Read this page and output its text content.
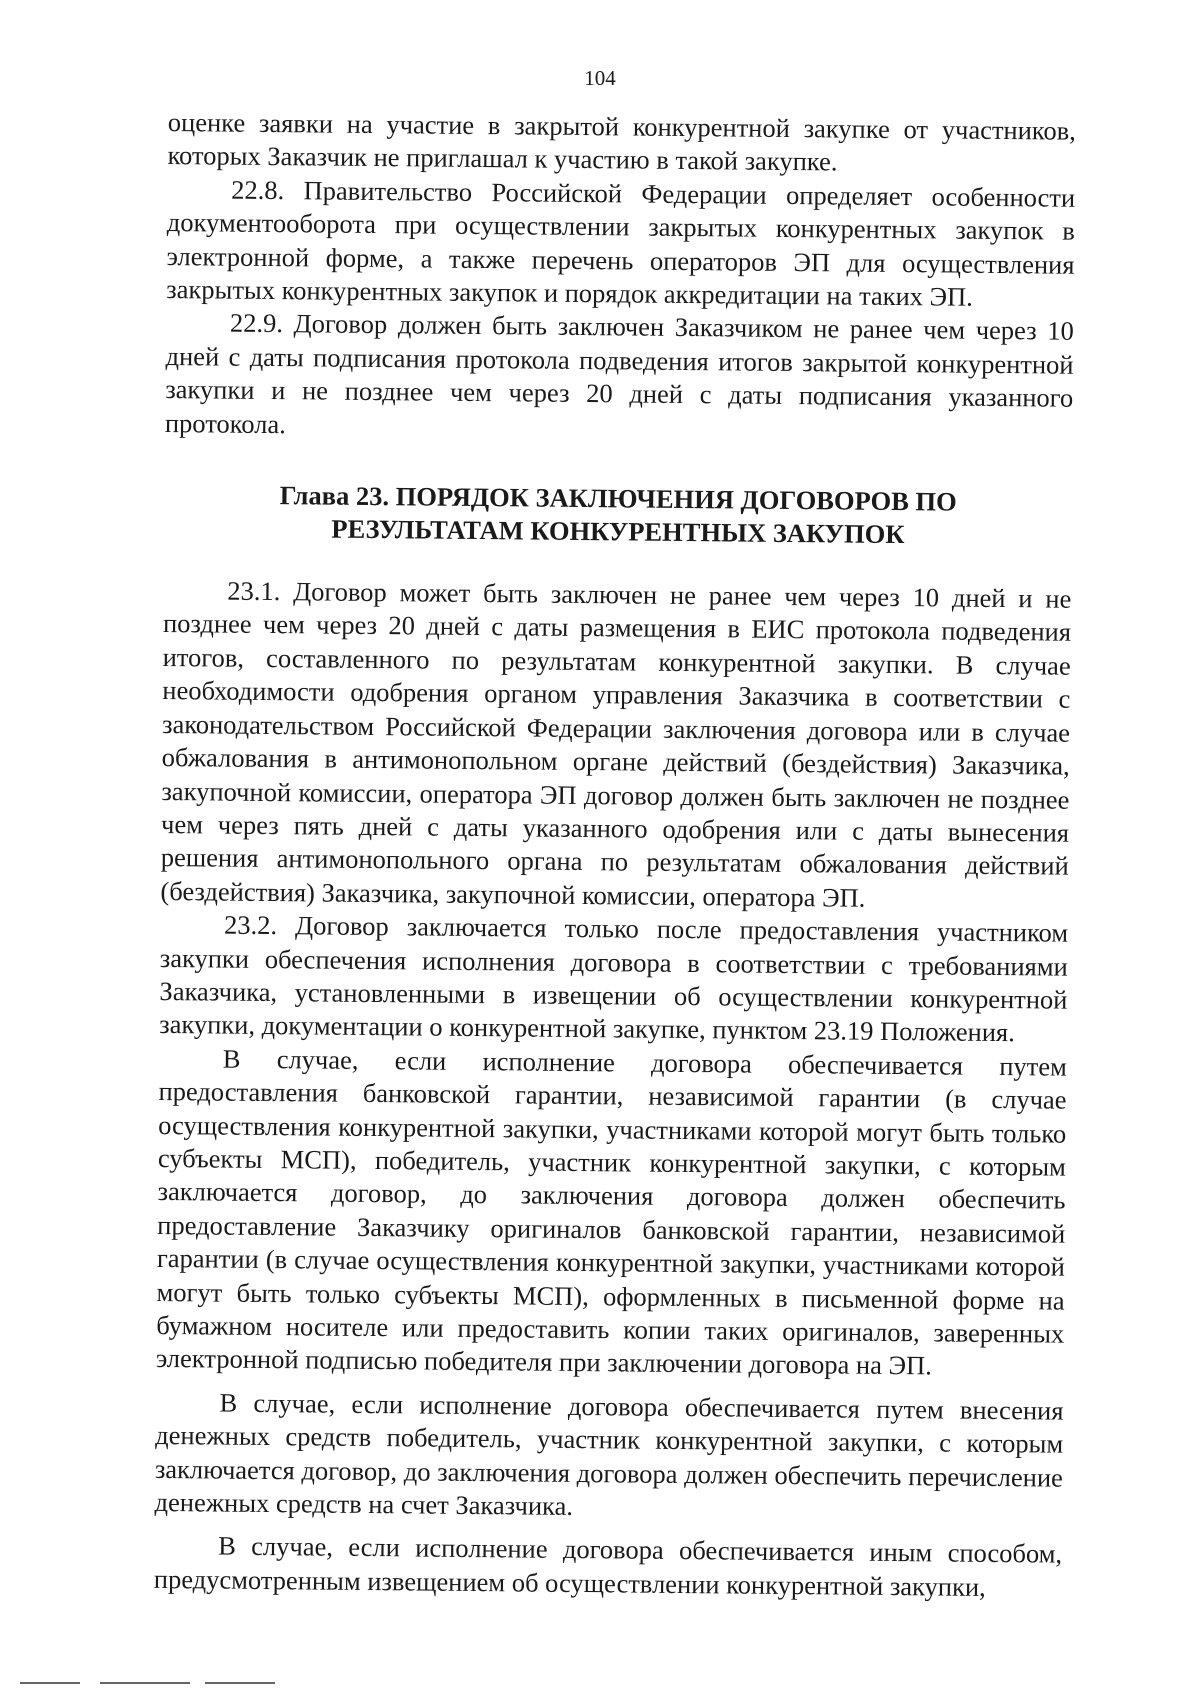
104

оценке заявки на участие в закрытой конкурентной закупке от участников, которых Заказчик не приглашал к участию в такой закупке.

22.8. Правительство Российской Федерации определяет особенности документооборота при осуществлении закрытых конкурентных закупок в электронной форме, а также перечень операторов ЭП для осуществления закрытых конкурентных закупок и порядок аккредитации на таких ЭП.

22.9. Договор должен быть заключен Заказчиком не ранее чем через 10 дней с даты подписания протокола подведения итогов закрытой конкурентной закупки и не позднее чем через 20 дней с даты подписания указанного протокола.

Глава 23. ПОРЯДОК ЗАКЛЮЧЕНИЯ ДОГОВОРОВ ПО
РЕЗУЛЬТАТАМ КОНКУРЕНТНЫХ ЗАКУПОК

23.1. Договор может быть заключен не ранее чем через 10 дней и не позднее чем через 20 дней с даты размещения в ЕИС протокола подведения итогов, составленного по результатам конкурентной закупки. В случае необходимости одобрения органом управления Заказчика в соответствии с законодательством Российской Федерации заключения договора или в случае обжалования в антимонопольном органе действий (бездействия) Заказчика, закупочной комиссии, оператора ЭП договор должен быть заключен не позднее чем через пять дней с даты указанного одобрения или с даты вынесения решения антимонопольного органа по результатам обжалования действий (бездействия) Заказчика, закупочной комиссии, оператора ЭП.

23.2. Договор заключается только после предоставления участником закупки обеспечения исполнения договора в соответствии с требованиями Заказчика, установленными в извещении об осуществлении конкурентной закупки, документации о конкурентной закупке, пунктом 23.19 Положения.

В случае, если исполнение договора обеспечивается путем предоставления банковской гарантии, независимой гарантии (в случае осуществления конкурентной закупки, участниками которой могут быть только субъекты МСП), победитель, участник конкурентной закупки, с которым заключается договор, до заключения договора должен обеспечить предоставление Заказчику оригиналов банковской гарантии, независимой гарантии (в случае осуществления конкурентной закупки, участниками которой могут быть только субъекты МСП), оформленных в письменной форме на бумажном носителе или предоставить копии таких оригиналов, заверенных электронной подписью победителя при заключении договора на ЭП.

В случае, если исполнение договора обеспечивается путем внесения денежных средств победитель, участник конкурентной закупки, с которым заключается договор, до заключения договора должен обеспечить перечисление денежных средств на счет Заказчика.

В случае, если исполнение договора обеспечивается иным способом, предусмотренным извещением об осуществлении конкурентной закупки,
